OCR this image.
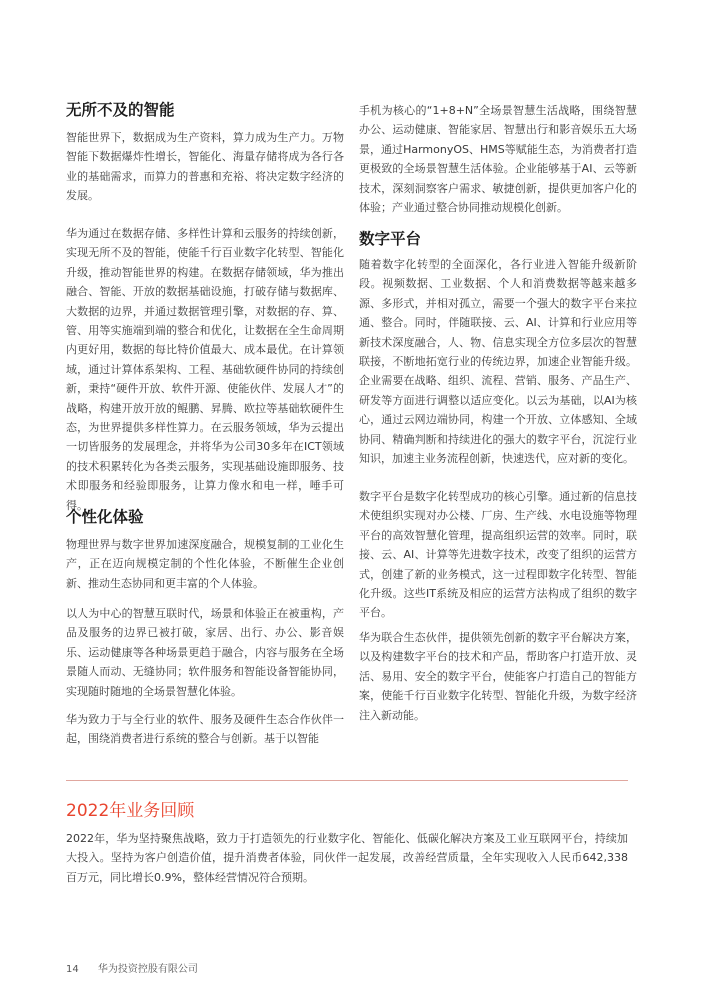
无所不及的智能

智能世界下，数据成为生产资料，算力成为生产力。万物智能下数据爆炸性增长，智能化、海量存储将成为各行各业的基础需求，而算力的普惠和充裕、将决定数字经济的发展。

华为通过在数据存储、多样性计算和云服务的持续创新，实现无所不及的智能，使能千行百业数字化转型、智能化升级，推动智能世界的构建。在数据存储领域，华为推出融合、智能、开放的数据基础设施，打破存储与数据库、大数据的边界，并通过数据管理引擎，对数据的存、算、管、用等实施端到端的整合和优化，让数据在全生命周期内更好用，数据的每比特价值最大、成本最优。在计算领域，通过计算体系架构、工程、基础软硬件协同的持续创新，秉持“硬件开放、软件开源、使能伙伴、发展人才”的战略，构建开放开放的鲲鹏、昇腾、欧拉等基础软硬件生态，为世界提供多样性算力。在云服务领域，华为云提出一切皆服务的发展理念，并将华为公司30多年在ICT领域的技术积累转化为各类云服务，实现基础设施即服务、技术即服务和经验即服务，让算力像水和电一样，唾手可得。

个性化体验

物理世界与数字世界加速深度融合，规模复制的工业化生产，正在迈向规模定制的个性化体验，不断催生企业创新、推动生态协同和更丰富的个人体验。

以人为中心的智慧互联时代，场景和体验正在被重构，产品及服务的边界已被打破，家居、出行、办公、影音娱乐、运动健康等各种场景更趋于融合，内容与服务在全场景随人而动、无缝协同；软件服务和智能设备智能协同，实现随时随地的全场景智慧化体验。

华为致力于与全行业的软件、服务及硬件生态合作伙伴一起，围绕消费者进行系统的整合与创新。基于以智能

手机为核心的“1+8+N”全场景智慧生活战略，围绕智慧办公、运动健康、智能家居、智慧出行和影音娱乐五大场景，通过HarmonyOS、HMS等赋能生态，为消费者打造更极致的全场景智慧生活体验。企业能够基于AI、云等新技术，深刻洞察客户需求、敏捷创新，提供更加客户化的体验；产业通过整合协同推动规模化创新。

数字平台

随着数字化转型的全面深化，各行业进入智能升级新阶段。视频数据、工业数据、个人和消费数据等越来越多源、多形式，并相对孤立，需要一个强大的数字平台来拉通、整合。同时，伴随联接、云、AI、计算和行业应用等新技术深度融合，人、物、信息实现全方位多层次的智慧联接，不断地拓宽行业的传统边界，加速企业智能升级。企业需要在战略、组织、流程、营销、服务、产品生产、研发等方面进行调整以适应变化。以云为基础，以AI为核心，通过云网边端协同，构建一个开放、立体感知、全域协同、精确判断和持续进化的强大的数字平台，沉淀行业知识，加速主业务流程创新，快速迭代，应对新的变化。

数字平台是数字化转型成功的核心引擎。通过新的信息技术使组织实现对办公楼、厂房、生产线、水电设施等物理平台的高效智慧化管理，提高组织运营的效率。同时，联接、云、AI、计算等先进数字技术，改变了组织的运营方式，创建了新的业务模式，这一过程即数字化转型、智能化升级。这些IT系统及相应的运营方法构成了组织的数字平台。

华为联合生态伙伴，提供领先创新的数字平台解决方案，以及构建数字平台的技术和产品，帮助客户打造开放、灵活、易用、安全的数字平台，使能客户打造自己的智能方案，使能千行百业数字化转型、智能化升级，为数字经济注入新动能。

2022年业务回顾

2022年，华为坚持聚焦战略，致力于打造领先的行业数字化、智能化、低碳化解决方案及工业互联网平台，持续加大投入。坚持为客户创造价值，提升消费者体验，同伙伴一起发展，改善经营质量，全年实现收入人民币642,338百万元，同比增长0.9%，整体经营情况符合预期。

14 华为投资控股有限公司
